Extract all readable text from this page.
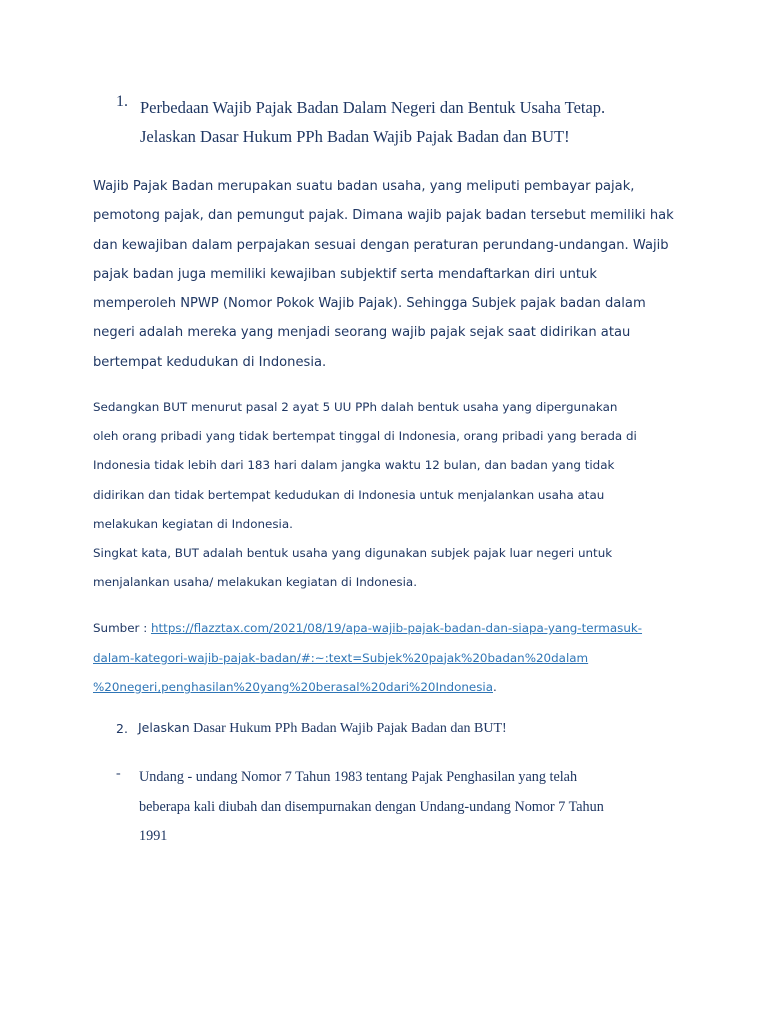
1. Perbedaan Wajib Pajak Badan Dalam Negeri dan Bentuk Usaha Tetap.
Jelaskan Dasar Hukum PPh Badan Wajib Pajak Badan dan BUT!
Wajib Pajak Badan merupakan suatu badan usaha, yang meliputi pembayar pajak,
pemotong pajak, dan pemungut pajak. Dimana wajib pajak badan tersebut memiliki hak
dan kewajiban dalam perpajakan sesuai dengan peraturan perundang-undangan. Wajib
pajak badan juga memiliki kewajiban subjektif serta mendaftarkan diri untuk
memperoleh NPWP (Nomor Pokok Wajib Pajak). Sehingga Subjek pajak badan dalam
negeri adalah mereka yang menjadi seorang wajib pajak sejak saat didirikan atau
bertempat kedudukan di Indonesia.
Sedangkan BUT menurut pasal 2 ayat 5 UU PPh dalah bentuk usaha yang dipergunakan
oleh orang pribadi yang tidak bertempat tinggal di Indonesia, orang pribadi yang berada di
Indonesia tidak lebih dari 183 hari dalam jangka waktu 12 bulan, dan badan yang tidak
didirikan dan tidak bertempat kedudukan di Indonesia untuk menjalankan usaha atau
melakukan kegiatan di Indonesia.
Singkat kata, BUT adalah bentuk usaha yang digunakan subjek pajak luar negeri untuk
menjalankan usaha/ melakukan kegiatan di Indonesia.
Sumber : https://flazztax.com/2021/08/19/apa-wajib-pajak-badan-dan-siapa-yang-termasuk-
dalam-kategori-wajib-pajak-badan/#:~:text=Subjek%20pajak%20badan%20dalam
%20negeri,penghasilan%20yang%20berasal%20dari%20Indonesia.
2. Jelaskan Dasar Hukum PPh Badan Wajib Pajak Badan dan BUT!
- Undang - undang Nomor 7 Tahun 1983 tentang Pajak Penghasilan yang telah
beberapa kali diubah dan disempurnakan dengan Undang-undang Nomor 7 Tahun
1991
